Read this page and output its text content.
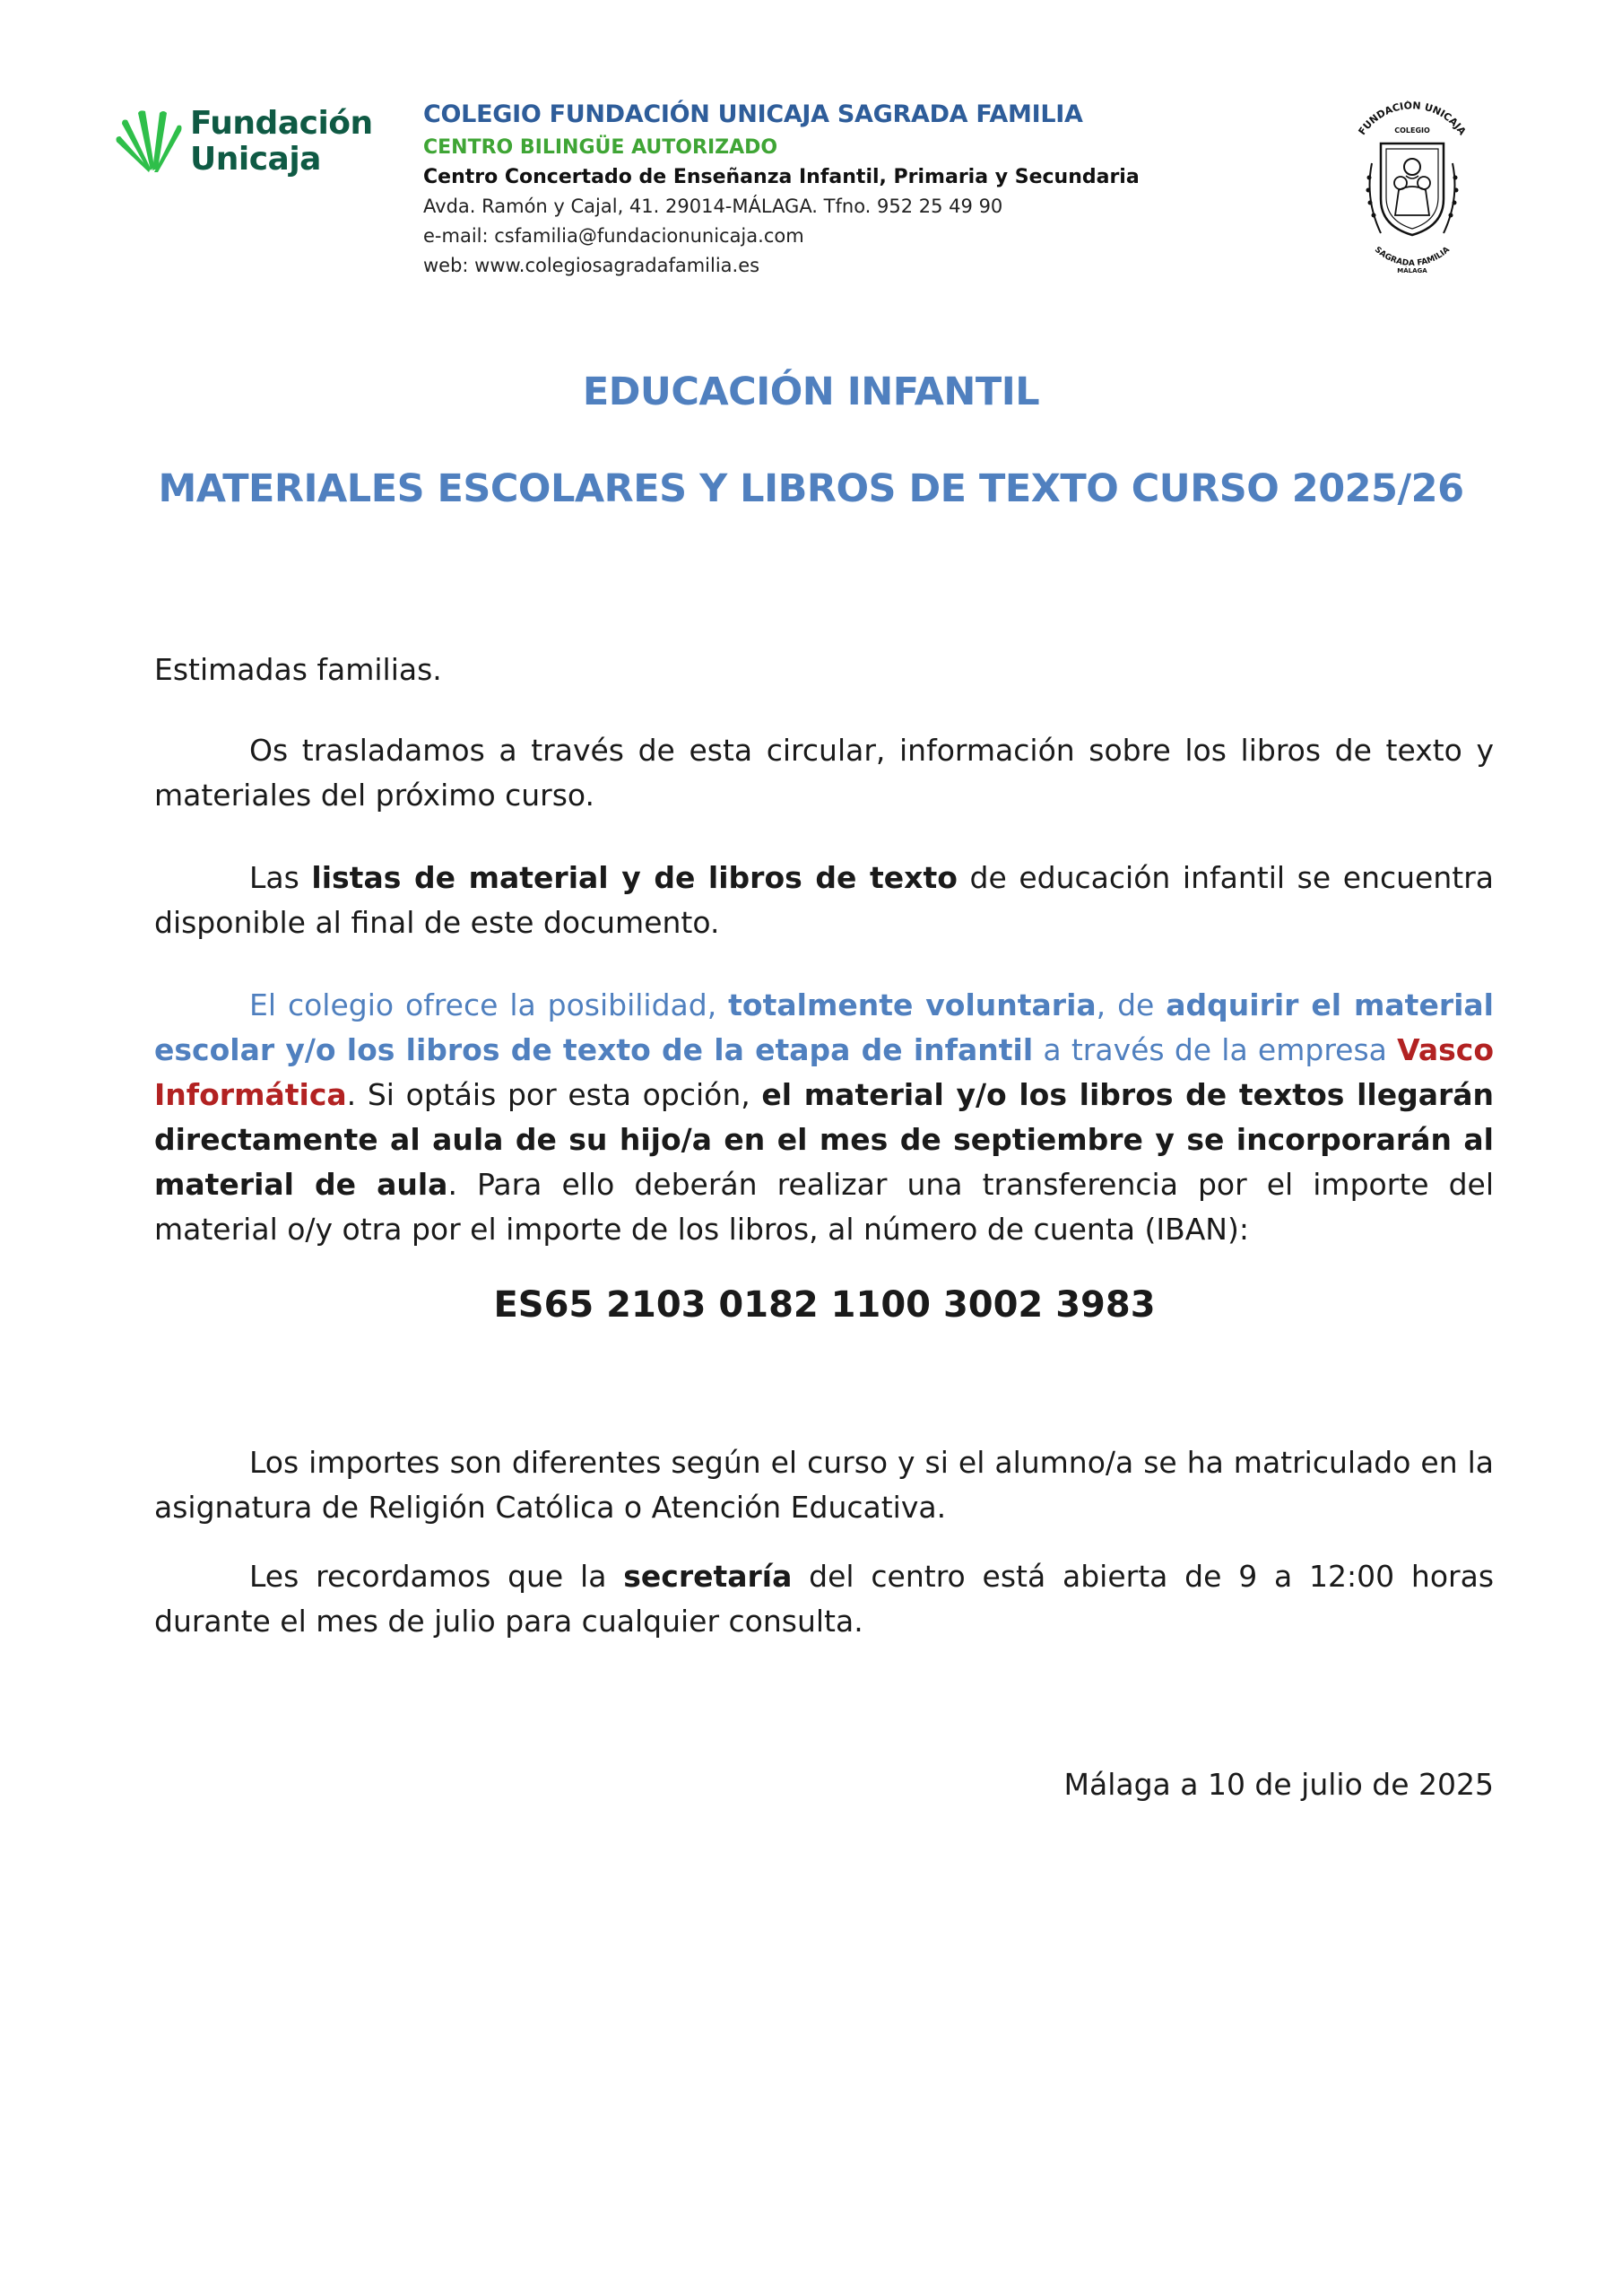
Fundación
Unicaja
COLEGIO FUNDACIÓN UNICAJA SAGRADA FAMILIA
CENTRO BILINGÜE AUTORIZADO
Centro Concertado de Enseñanza Infantil, Primaria y Secundaria
Avda. Ramón y Cajal, 41. 29014-MÁLAGA. Tfno. 952 25 49 90
e-mail: csfamilia@fundacionunicaja.com
web: www.colegiosagradafamilia.es
FUNDACIÓN UNICAJA
COLEGIO
SAGRADA FAMILIA
MÁLAGA
EDUCACIÓN INFANTIL
MATERIALES ESCOLARES Y LIBROS DE TEXTO CURSO 2025/26
Estimadas familias.

Os trasladamos a través de esta circular, información sobre los libros de texto y materiales del próximo curso.

Las listas de material y de libros de texto de educación infantil se encuentra disponible al final de este documento.

El colegio ofrece la posibilidad, totalmente voluntaria, de adquirir el material escolar y/o los libros de texto de la etapa de infantil a través de la empresa Vasco Informática. Si optáis por esta opción, el material y/o los libros de textos llegarán directamente al aula de su hijo/a en el mes de septiembre y se incorporarán al material de aula. Para ello deberán realizar una transferencia por el importe del material o/y otra por el importe de los libros, al número de cuenta (IBAN):

ES65 2103 0182 1100 3002 3983

Los importes son diferentes según el curso y si el alumno/a se ha matriculado en la asignatura de Religión Católica o Atención Educativa.

Les recordamos que la secretaría del centro está abierta de 9 a 12:00 horas durante el mes de julio para cualquier consulta.

Málaga a 10 de julio de 2025
